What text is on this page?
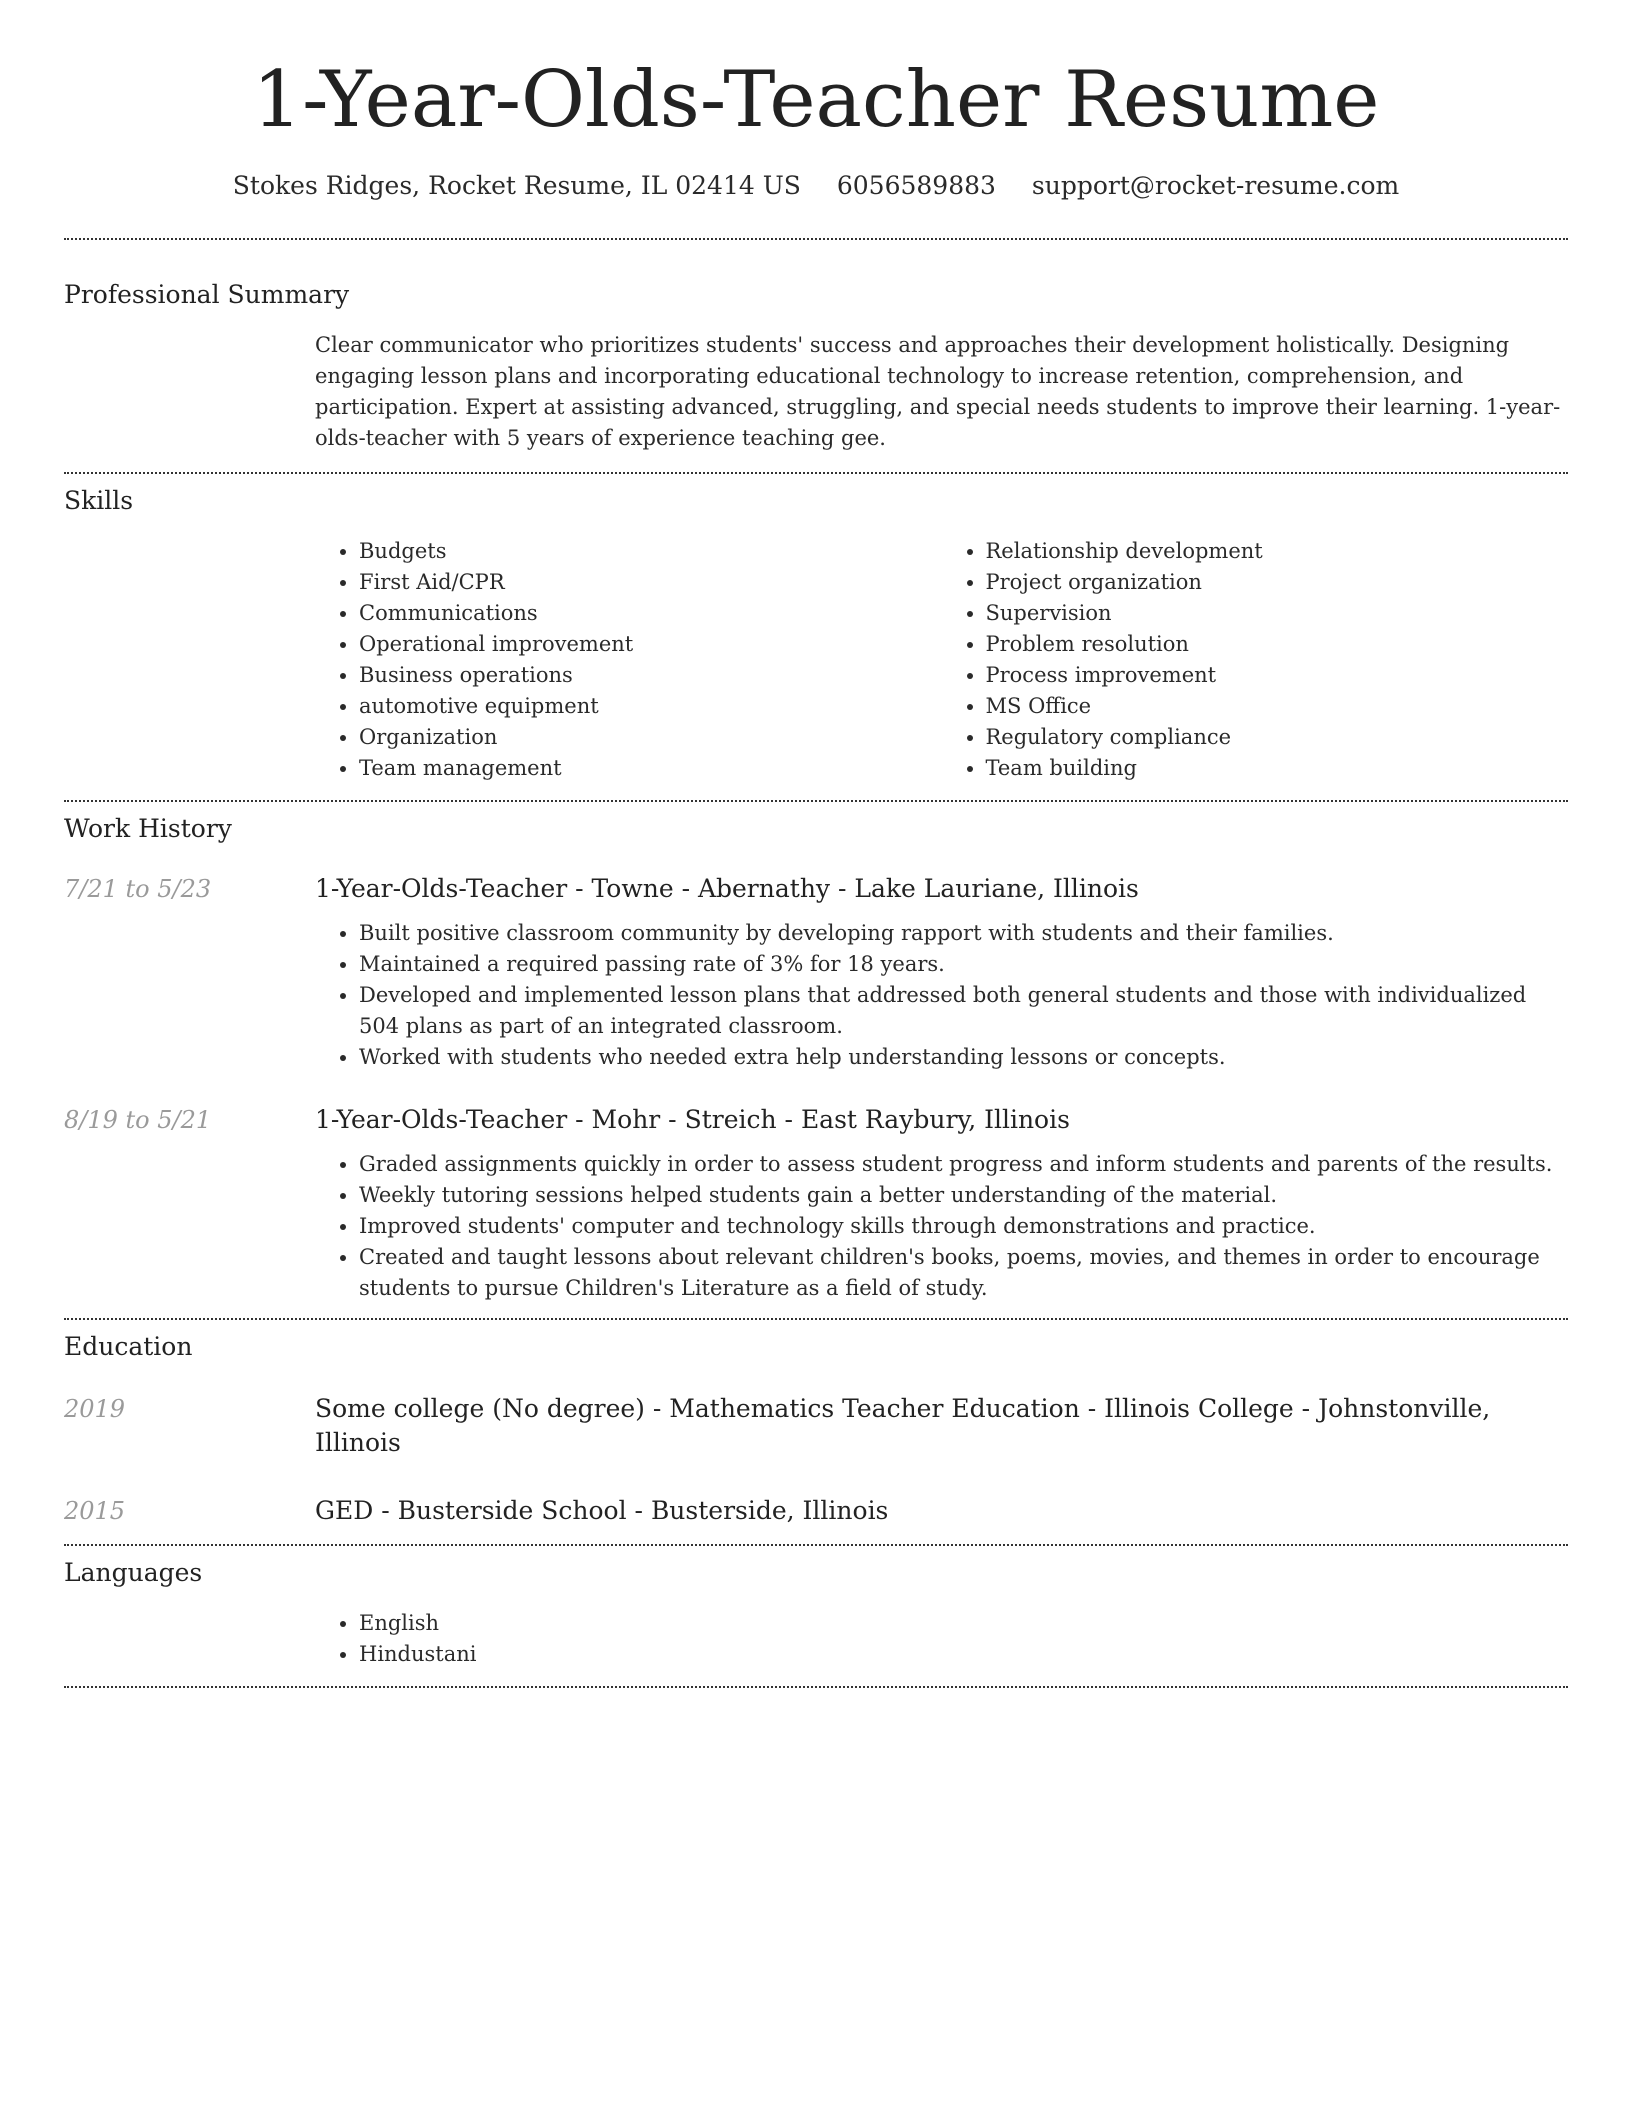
1-Year-Olds-Teacher Resume
Stokes Ridges, Rocket Resume, IL 02414 US 6056589883 support@rocket-resume.com
Professional Summary
Clear communicator who prioritizes students' success and approaches their development holistically. Designing engaging lesson plans and incorporating educational technology to increase retention, comprehension, and participation. Expert at assisting advanced, struggling, and special needs students to improve their learning. 1-year-olds-teacher with 5 years of experience teaching gee.
Skills
• Budgets
• First Aid/CPR
• Communications
• Operational improvement
• Business operations
• automotive equipment
• Organization
• Team management
• Relationship development
• Project organization
• Supervision
• Problem resolution
• Process improvement
• MS Office
• Regulatory compliance
• Team building
Work History
7/21 to 5/23	1-Year-Olds-Teacher - Towne - Abernathy - Lake Lauriane, Illinois
• Built positive classroom community by developing rapport with students and their families.
• Maintained a required passing rate of 3% for 18 years.
• Developed and implemented lesson plans that addressed both general students and those with individualized 504 plans as part of an integrated classroom.
• Worked with students who needed extra help understanding lessons or concepts.
8/19 to 5/21	1-Year-Olds-Teacher - Mohr - Streich - East Raybury, Illinois
• Graded assignments quickly in order to assess student progress and inform students and parents of the results.
• Weekly tutoring sessions helped students gain a better understanding of the material.
• Improved students' computer and technology skills through demonstrations and practice.
• Created and taught lessons about relevant children's books, poems, movies, and themes in order to encourage students to pursue Children's Literature as a field of study.
Education
2019	Some college (No degree) - Mathematics Teacher Education - Illinois College - Johnstonville, Illinois
2015	GED - Busterside School - Busterside, Illinois
Languages
• English
• Hindustani
